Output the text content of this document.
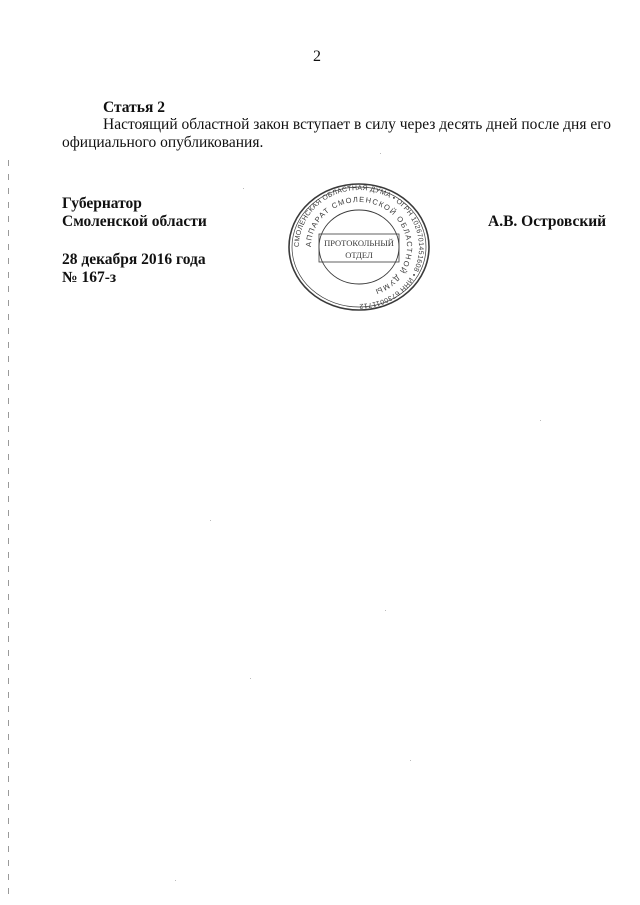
2
Статья 2
Настоящий областной закон вступает в силу через десять дней после дня его
официального опубликования.
Губернатор
Смоленской области
28 декабря 2016 года
№ 167-з
А.В. Островский
СМОЛЕНСКАЯ ОБЛАСТНАЯ ДУМА • ОГРН 1026701451608 • ИНН 6730011712
АППАРАТ СМОЛЕНСКОЙ ОБЛАСТНОЙ ДУМЫ
ПРОТОКОЛЬНЫЙ
ОТДЕЛ
